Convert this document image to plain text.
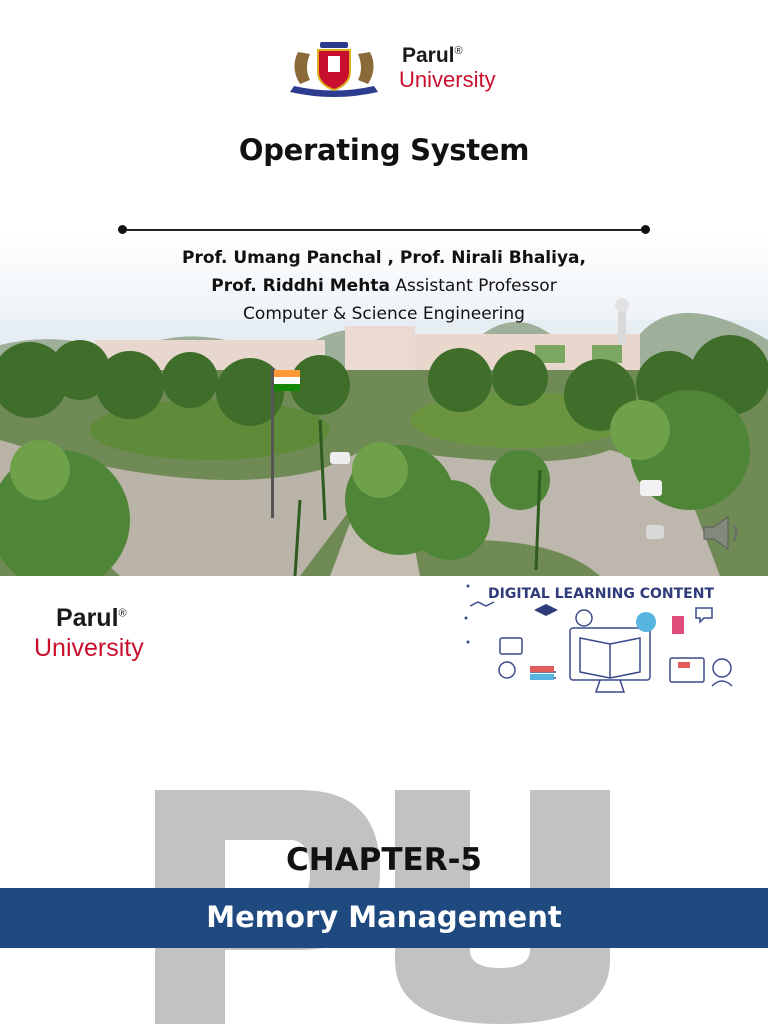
Parul®
University
Operating System
Prof. Umang Panchal , Prof. Nirali Bhaliya,
Prof. Riddhi Mehta Assistant Professor
Computer & Science Engineering
Parul®
University
DIGITAL LEARNING CONTENT
CHAPTER-5
Memory Management
